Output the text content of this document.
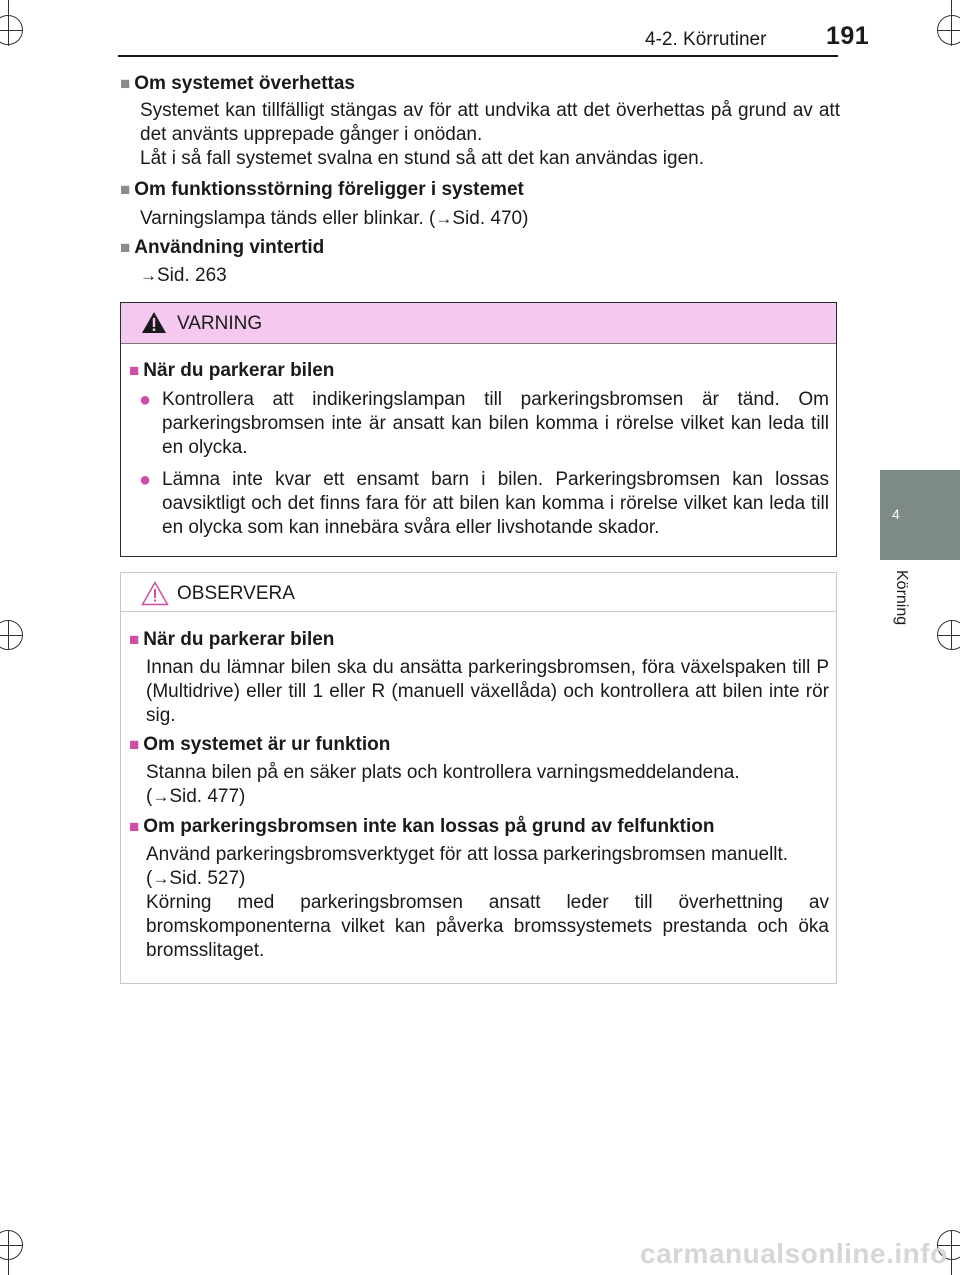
4-2. Körrutiner 191
4
Körning
■ Om systemet överhettas
Systemet kan tillfälligt stängas av för att undvika att det överhettas på grund av att det använts upprepade gånger i onödan.
Låt i så fall systemet svalna en stund så att det kan användas igen.
■ Om funktionsstörning föreligger i systemet
Varningslampa tänds eller blinkar. (→Sid. 470)
■ Användning vintertid
→Sid. 263
VARNING
■ När du parkerar bilen
● Kontrollera att indikeringslampan till parkeringsbromsen är tänd. Om parkeringsbromsen inte är ansatt kan bilen komma i rörelse vilket kan leda till en olycka.
● Lämna inte kvar ett ensamt barn i bilen. Parkeringsbromsen kan lossas oavsiktligt och det finns fara för att bilen kan komma i rörelse vilket kan leda till en olycka som kan innebära svåra eller livshotande skador.
OBSERVERA
■ När du parkerar bilen
Innan du lämnar bilen ska du ansätta parkeringsbromsen, föra växelspaken till P (Multidrive) eller till 1 eller R (manuell växellåda) och kontrollera att bilen inte rör sig.
■ Om systemet är ur funktion
Stanna bilen på en säker plats och kontrollera varningsmeddelandena.
(→Sid. 477)
■ Om parkeringsbromsen inte kan lossas på grund av felfunktion
Använd parkeringsbromsverktyget för att lossa parkeringsbromsen manuellt.
(→Sid. 527)
Körning med parkeringsbromsen ansatt leder till överhettning av bromskomponenterna vilket kan påverka bromssystemets prestanda och öka bromsslitaget.
carmanualsonline.info
